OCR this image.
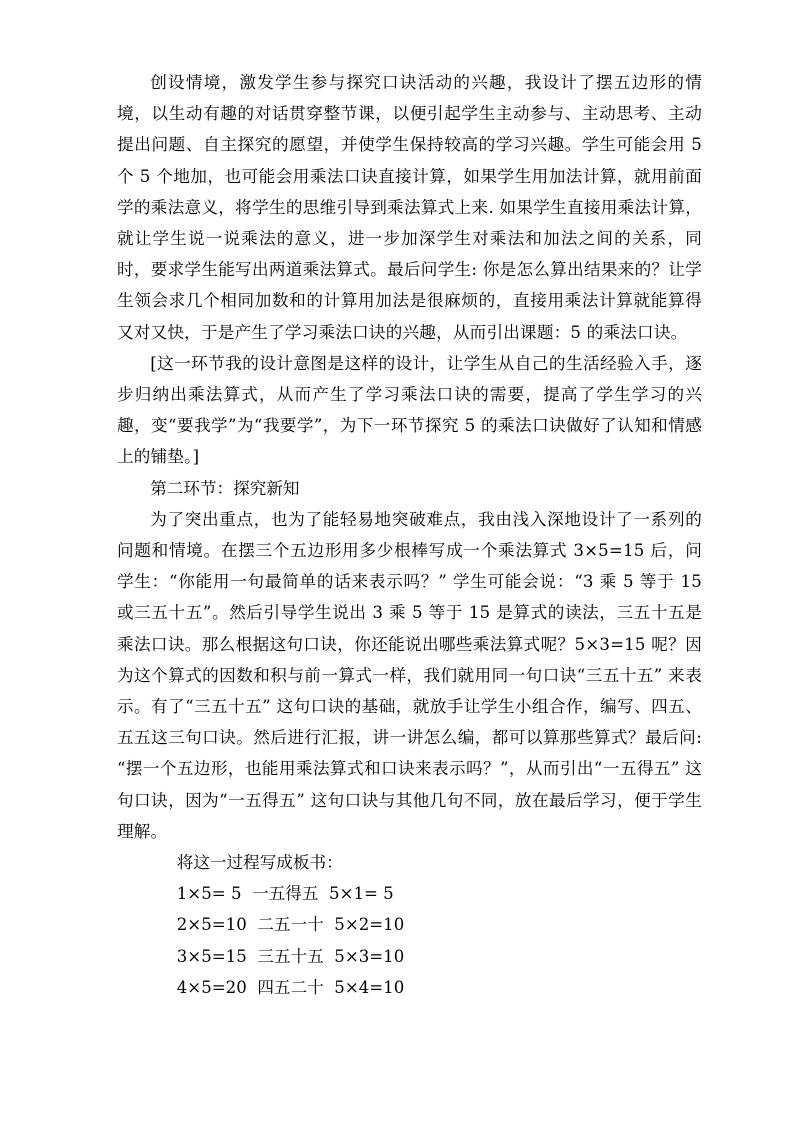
创设情境，激发学生参与探究口诀活动的兴趣，我设计了摆五边形的情境，以生动有趣的对话贯穿整节课，以便引起学生主动参与、主动思考、主动提出问题、自主探究的愿望，并使学生保持较高的学习兴趣。学生可能会用 5 个 5 个地加，也可能会用乘法口诀直接计算，如果学生用加法计算，就用前面学的乘法意义，将学生的思维引导到乘法算式上来. 如果学生直接用乘法计算，就让学生说一说乘法的意义，进一步加深学生对乘法和加法之间的关系，同时，要求学生能写出两道乘法算式。最后问学生: 你是怎么算出结果来的？让学生领会求几个相同加数和的计算用加法是很麻烦的，直接用乘法计算就能算得又对又快，于是产生了学习乘法口诀的兴趣，从而引出课题：5 的乘法口诀。

[这一环节我的设计意图是这样的设计，让学生从自己的生活经验入手，逐步归纳出乘法算式，从而产生了学习乘法口诀的需要，提高了学生学习的兴趣，变“要我学”为“我要学”，为下一环节探究 5 的乘法口诀做好了认知和情感上的铺垫。]

第二环节：探究新知

为了突出重点，也为了能轻易地突破难点，我由浅入深地设计了一系列的问题和情境。在摆三个五边形用多少根棒写成一个乘法算式 3×5=15 后，问学生：“你能用一句最简单的话来表示吗？” 学生可能会说：“3 乘 5 等于 15 或三五十五”。然后引导学生说出 3 乘 5 等于 15 是算式的读法，三五十五是乘法口诀。那么根据这句口诀，你还能说出哪些乘法算式呢？5×3=15 呢？因为这个算式的因数和积与前一算式一样，我们就用同一句口诀“三五十五” 来表示。有了“三五十五” 这句口诀的基础，就放手让学生小组合作，编写、四五、五五这三句口诀。然后进行汇报，讲一讲怎么编，都可以算那些算式？最后问: “摆一个五边形，也能用乘法算式和口诀来表示吗？”，从而引出“一五得五” 这句口诀，因为“一五得五” 这句口诀与其他几句不同，放在最后学习，便于学生理解。

将这一过程写成板书：

1×5= 5  一五得五  5×1= 5
2×5=10  二五一十  5×2=10
3×5=15  三五十五  5×3=10
4×5=20  四五二十  5×4=10
